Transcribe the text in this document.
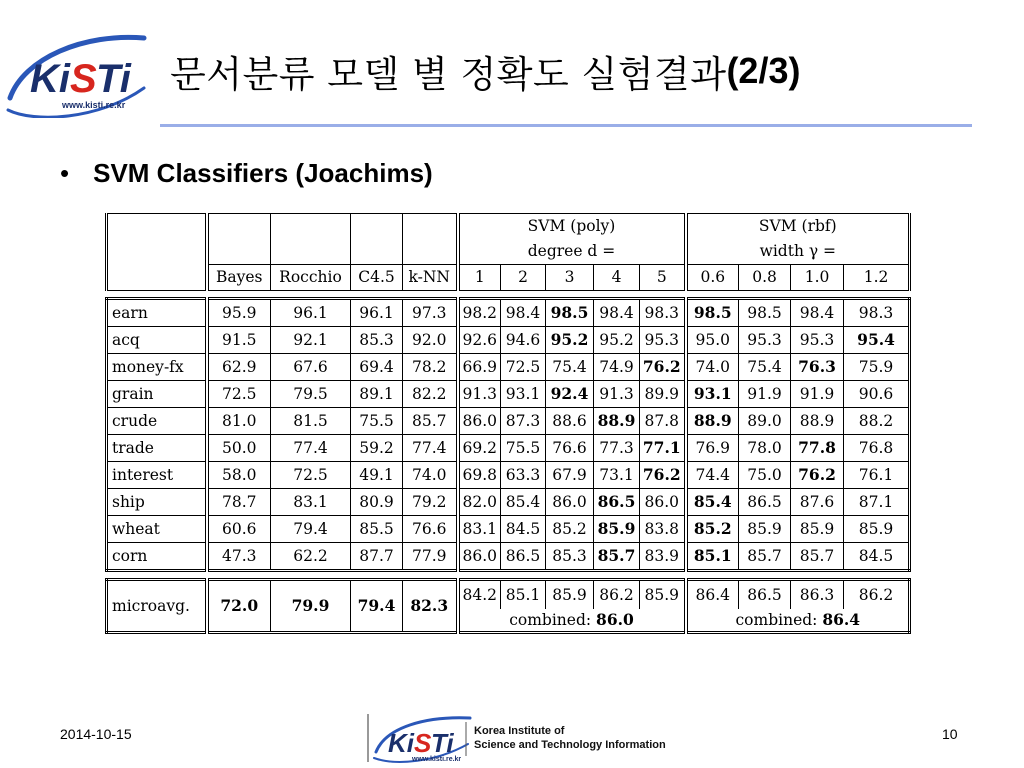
Ki S Ti
www.kisti.re.kr
문서분류 모델 별 정확도 실험결과 (2/3)
• SVM Classifiers (Joachims)
					SVM (poly)					SVM (rbf)			
					degree d =					width γ =			
	Bayes	Rocchio	C4.5	k-NN	1	2	3	4	5	0.6	0.8	1.0	1.2

earn	95.9	96.1	96.1	97.3	98.2	98.4	98.5	98.4	98.3	98.5	98.5	98.4	98.3
acq	91.5	92.1	85.3	92.0	92.6	94.6	95.2	95.2	95.3	95.0	95.3	95.3	95.4
money-fx	62.9	67.6	69.4	78.2	66.9	72.5	75.4	74.9	76.2	74.0	75.4	76.3	75.9
grain	72.5	79.5	89.1	82.2	91.3	93.1	92.4	91.3	89.9	93.1	91.9	91.9	90.6
crude	81.0	81.5	75.5	85.7	86.0	87.3	88.6	88.9	87.8	88.9	89.0	88.9	88.2
trade	50.0	77.4	59.2	77.4	69.2	75.5	76.6	77.3	77.1	76.9	78.0	77.8	76.8
interest	58.0	72.5	49.1	74.0	69.8	63.3	67.9	73.1	76.2	74.4	75.0	76.2	76.1
ship	78.7	83.1	80.9	79.2	82.0	85.4	86.0	86.5	86.0	85.4	86.5	87.6	87.1
wheat	60.6	79.4	85.5	76.6	83.1	84.5	85.2	85.9	83.8	85.2	85.9	85.9	85.9
corn	47.3	62.2	87.7	77.9	86.0	86.5	85.3	85.7	83.9	85.1	85.7	85.7	84.5

microavg.	72.0	79.9	79.4	82.3	84.2	85.1	85.9	86.2	85.9	86.4	86.5	86.3	86.2
					combined: 86.0					combined: 86.4			
2014-10-15	Ki S Ti Korea Institute of
Science and Technology Information
www.kisti.re.kr
10
